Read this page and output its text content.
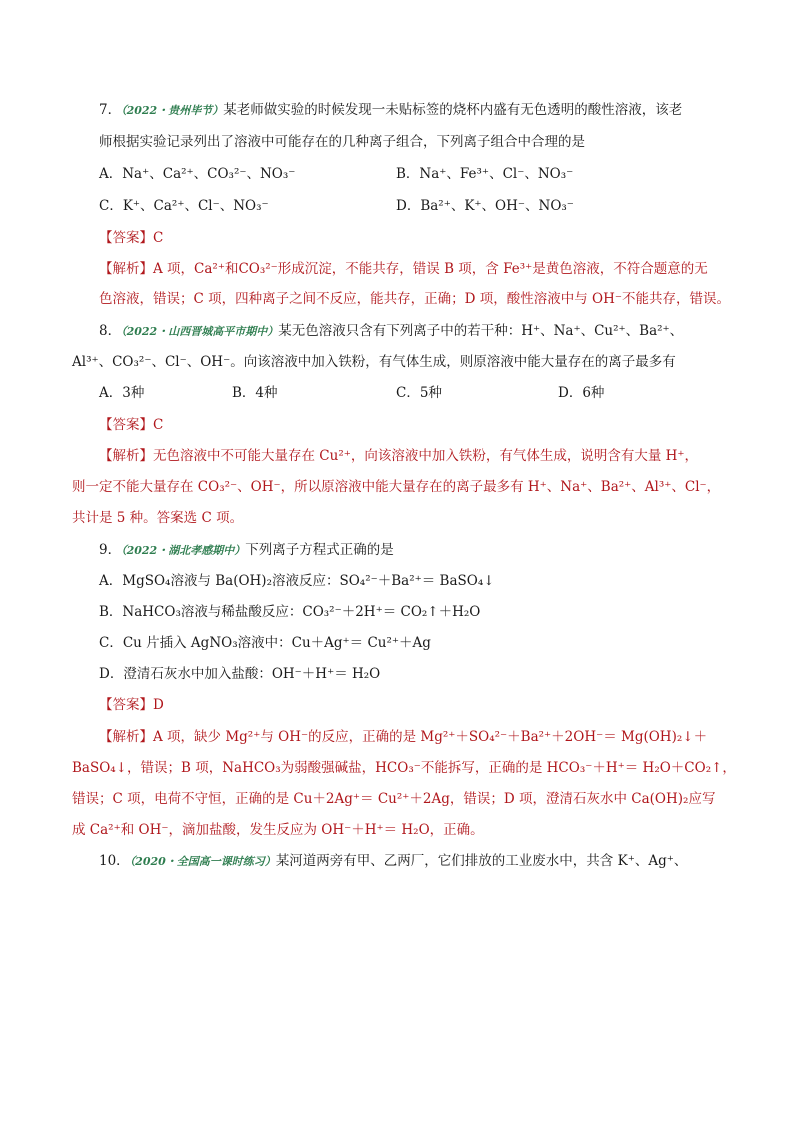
7．（2022・贵州毕节）某老师做实验的时候发现一未贴标签的烧杯内盛有无色透明的酸性溶液，该老
师根据实验记录列出了溶液中可能存在的几种离子组合，下列离子组合中合理的是
A．Na⁺、Ca²⁺、CO₃²⁻、NO₃⁻	B．Na⁺、Fe³⁺、Cl⁻、NO₃⁻
C．K⁺、Ca²⁺、Cl⁻、NO₃⁻	D．Ba²⁺、K⁺、OH⁻、NO₃⁻
【答案】C
【解析】A 项，Ca²⁺和CO₃²⁻形成沉淀，不能共存，错误 B 项，含 Fe³⁺是黄色溶液，不符合题意的无
色溶液，错误；C 项，四种离子之间不反应，能共存，正确；D 项，酸性溶液中与 OH⁻不能共存，错误。
8．（2022・山西晋城高平市期中）某无色溶液只含有下列离子中的若干种：H⁺、Na⁺、Cu²⁺、Ba²⁺、
Al³⁺、CO₃²⁻、Cl⁻、OH⁻。向该溶液中加入铁粉，有气体生成，则原溶液中能大量存在的离子最多有
A．3种	B．4种	C．5种	D．6种
【答案】C
【解析】无色溶液中不可能大量存在 Cu²⁺，向该溶液中加入铁粉，有气体生成，说明含有大量 H⁺，
则一定不能大量存在 CO₃²⁻、OH⁻，所以原溶液中能大量存在的离子最多有 H⁺、Na⁺、Ba²⁺、Al³⁺、Cl⁻，
共计是 5 种。答案选 C 项。
9．（2022・湖北孝感期中）下列离子方程式正确的是
A．MgSO₄溶液与 Ba(OH)₂溶液反应：SO₄²⁻＋Ba²⁺＝ BaSO₄↓
B．NaHCO₃溶液与稀盐酸反应：CO₃²⁻＋2H⁺＝ CO₂↑＋H₂O
C．Cu 片插入 AgNO₃溶液中：Cu＋Ag⁺＝ Cu²⁺＋Ag
D．澄清石灰水中加入盐酸：OH⁻＋H⁺＝ H₂O
【答案】D
【解析】A 项，缺少 Mg²⁺与 OH⁻的反应，正确的是 Mg²⁺＋SO₄²⁻＋Ba²⁺＋2OH⁻＝ Mg(OH)₂↓＋
BaSO₄↓，错误；B 项，NaHCO₃为弱酸强碱盐，HCO₃⁻不能拆写，正确的是 HCO₃⁻＋H⁺＝ H₂O＋CO₂↑，
错误；C 项，电荷不守恒，正确的是 Cu＋2Ag⁺＝ Cu²⁺＋2Ag，错误；D 项，澄清石灰水中 Ca(OH)₂应写
成 Ca²⁺和 OH⁻，滴加盐酸，发生反应为 OH⁻＋H⁺＝ H₂O，正确。
10．（2020・全国高一课时练习）某河道两旁有甲、乙两厂，它们排放的工业废水中，共含 K⁺、Ag⁺、
